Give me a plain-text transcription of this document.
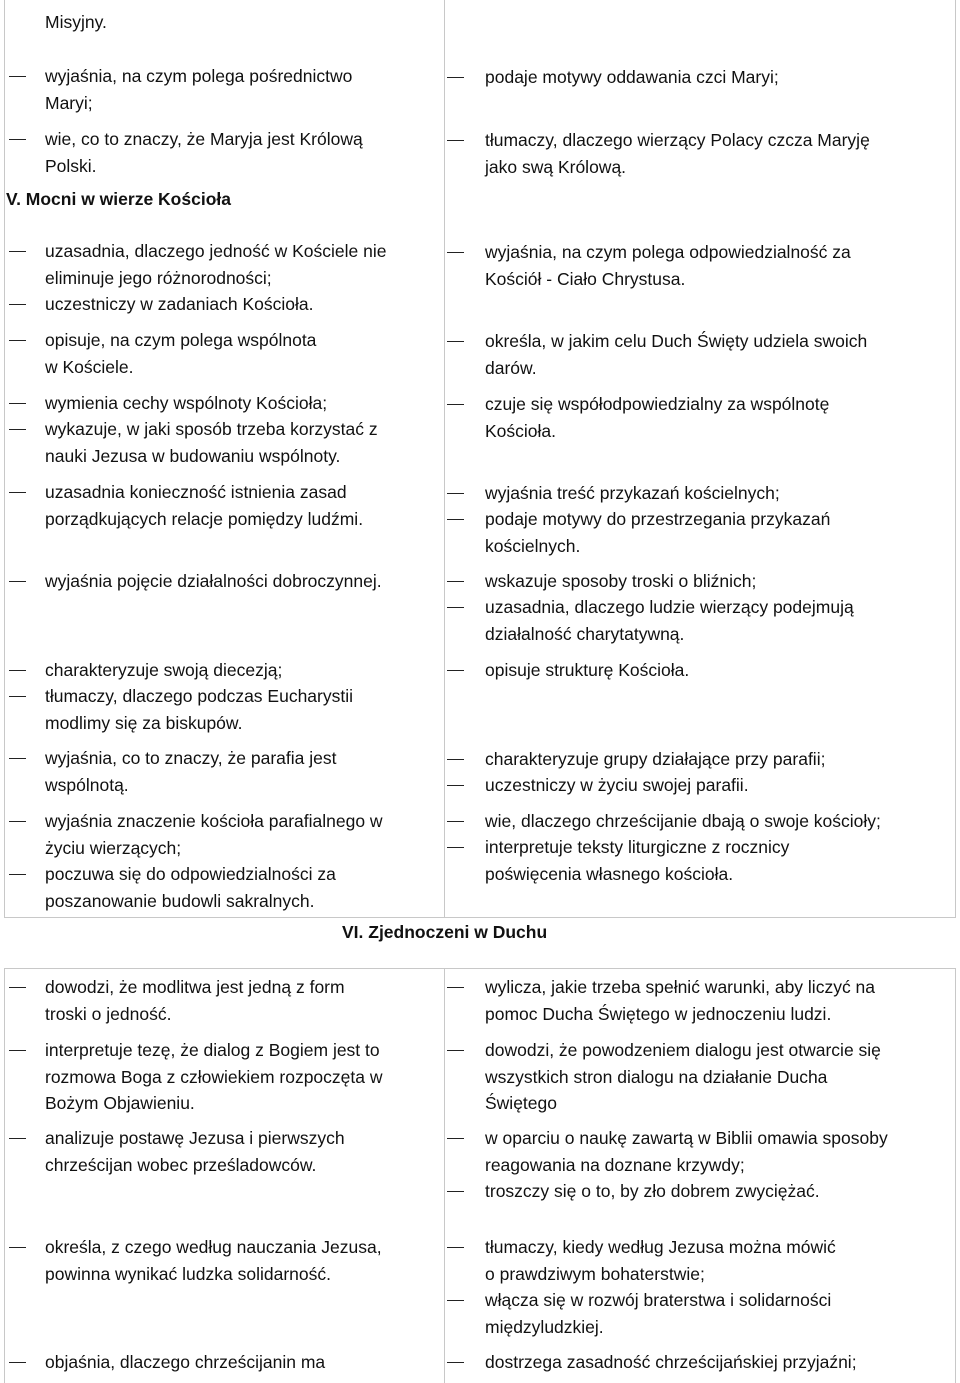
Misyjny.
V. Mocni w wierze Kościoła
VI. Zjednoczeni w Duchu
wyjaśnia, na czym polega pośrednictwo
Maryi;
wie, co to znaczy, że Maryja jest Królową
Polski.
uzasadnia, dlaczego jedność w Kościele nie
eliminuje jego różnorodności;
uczestniczy w zadaniach Kościoła.
opisuje, na czym polega wspólnota
w Kościele.
wymienia cechy wspólnoty Kościoła;
wykazuje, w jaki sposób trzeba korzystać z
nauki Jezusa w budowaniu wspólnoty.
uzasadnia konieczność istnienia zasad
porządkujących relacje pomiędzy ludźmi.
wyjaśnia pojęcie działalności dobroczynnej.
charakteryzuje swoją diecezją;
tłumaczy, dlaczego podczas Eucharystii
modlimy się za biskupów.
wyjaśnia, co to znaczy, że parafia jest
wspólnotą.
wyjaśnia znaczenie kościoła parafialnego w
życiu wierzących;
poczuwa się do odpowiedzialności za
poszanowanie budowli sakralnych.
dowodzi, że modlitwa jest jedną z form
troski o jedność.
interpretuje tezę, że dialog z Bogiem jest to
rozmowa Boga z człowiekiem rozpoczęta w
Bożym Objawieniu.
analizuje postawę Jezusa i pierwszych
chrześcijan wobec prześladowców.
określa, z czego według nauczania Jezusa,
powinna wynikać ludzka solidarność.
objaśnia, dlaczego chrześcijanin ma
podaje motywy oddawania czci Maryi;
tłumaczy, dlaczego wierzący Polacy czcza Maryję
jako swą Królową.
wyjaśnia, na czym polega odpowiedzialność za
Kościół - Ciało Chrystusa.
określa, w jakim celu Duch Święty udziela swoich
darów.
czuje się współodpowiedzialny za wspólnotę
Kościoła.
wyjaśnia treść przykazań kościelnych;
podaje motywy do przestrzegania przykazań
kościelnych.
wskazuje sposoby troski o bliźnich;
uzasadnia, dlaczego ludzie wierzący podejmują
działalność charytatywną.
opisuje strukturę Kościoła.
charakteryzuje grupy działające przy parafii;
uczestniczy w życiu swojej parafii.
wie, dlaczego chrześcijanie dbają o swoje kościoły;
interpretuje teksty liturgiczne z rocznicy
poświęcenia własnego kościoła.
wylicza, jakie trzeba spełnić warunki, aby liczyć na
pomoc Ducha Świętego w jednoczeniu ludzi.
dowodzi, że powodzeniem dialogu jest otwarcie się
wszystkich stron dialogu na działanie Ducha
Świętego
w oparciu o naukę zawartą w Biblii omawia sposoby
reagowania na doznane krzywdy;
troszczy się o to, by zło dobrem zwyciężać.
tłumaczy, kiedy według Jezusa można mówić
o prawdziwym bohaterstwie;
włącza się w rozwój braterstwa i solidarności
międzyludzkiej.
dostrzega zasadność chrześcijańskiej przyjaźni;
